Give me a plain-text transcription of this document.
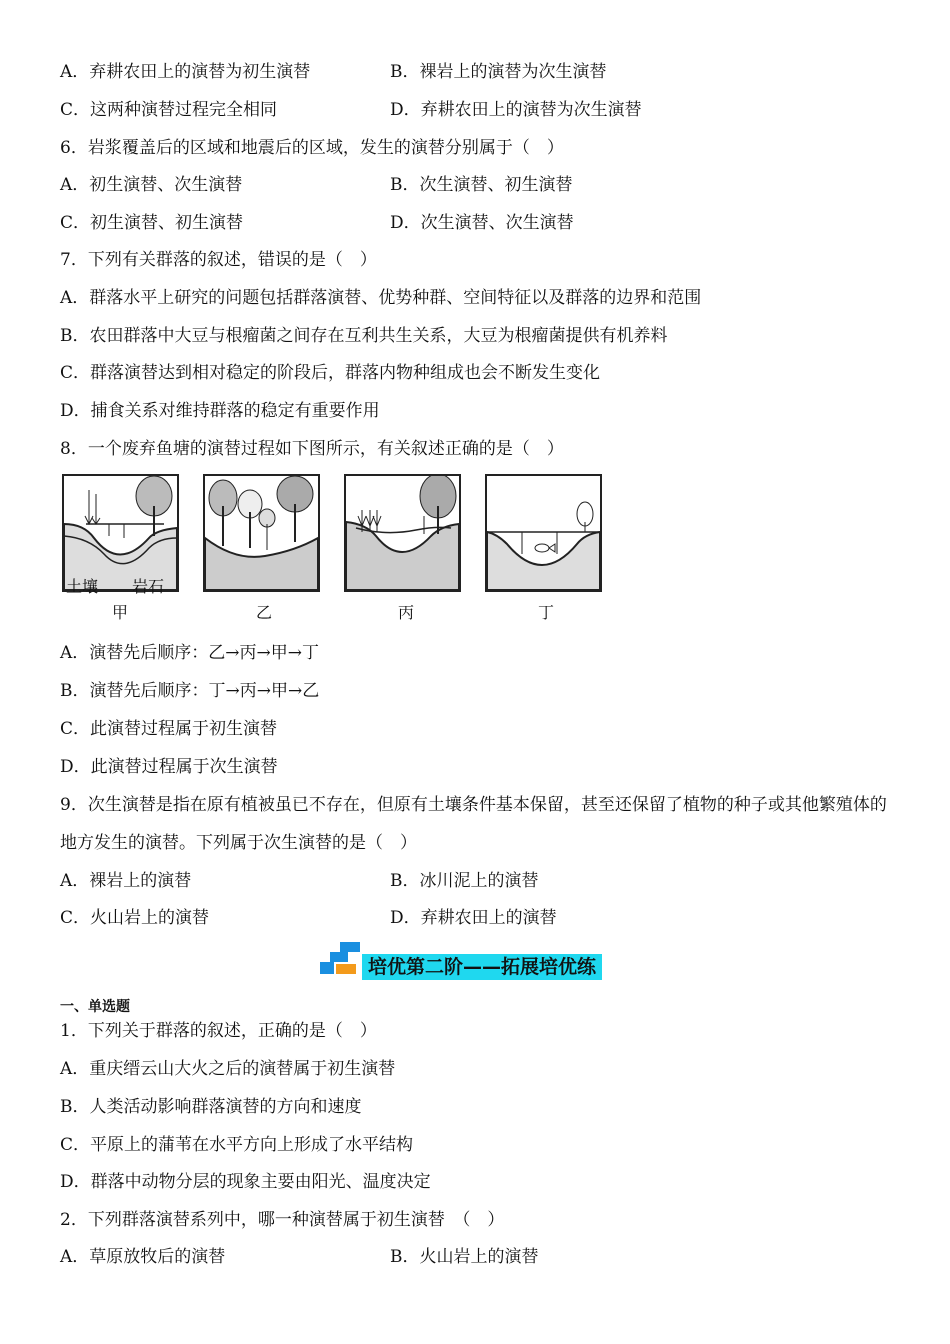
A．弃耕农田上的演替为初生演替	B．裸岩上的演替为次生演替
C．这两种演替过程完全相同	D．弃耕农田上的演替为次生演替
6．岩浆覆盖后的区域和地震后的区域，发生的演替分别属于（　）
A．初生演替、次生演替	B．次生演替、初生演替
C．初生演替、初生演替	D．次生演替、次生演替
7．下列有关群落的叙述，错误的是（　）
A．群落水平上研究的问题包括群落演替、优势种群、空间特征以及群落的边界和范围
B．农田群落中大豆与根瘤菌之间存在互利共生关系，大豆为根瘤菌提供有机养料
C．群落演替达到相对稳定的阶段后，群落内物种组成也会不断发生变化
D．捕食关系对维持群落的稳定有重要作用
8．一个废弃鱼塘的演替过程如下图所示，有关叙述正确的是（　）
土壤 岩石
甲	乙	丙	丁
A．演替先后顺序：乙→丙→甲→丁
B．演替先后顺序：丁→丙→甲→乙
C．此演替过程属于初生演替
D．此演替过程属于次生演替
9．次生演替是指在原有植被虽已不存在，但原有土壤条件基本保留，甚至还保留了植物的种子或其他繁殖体的地方发生的演替。下列属于次生演替的是（　）
A．裸岩上的演替	B．冰川泥上的演替
C．火山岩上的演替	D．弃耕农田上的演替
培优第二阶——拓展培优练
一、单选题
1．下列关于群落的叙述，正确的是（　）
A．重庆缙云山大火之后的演替属于初生演替
B．人类活动影响群落演替的方向和速度
C．平原上的蒲苇在水平方向上形成了水平结构
D．群落中动物分层的现象主要由阳光、温度决定
2．下列群落演替系列中，哪一种演替属于初生演替　（　）
A．草原放牧后的演替	B．火山岩上的演替
